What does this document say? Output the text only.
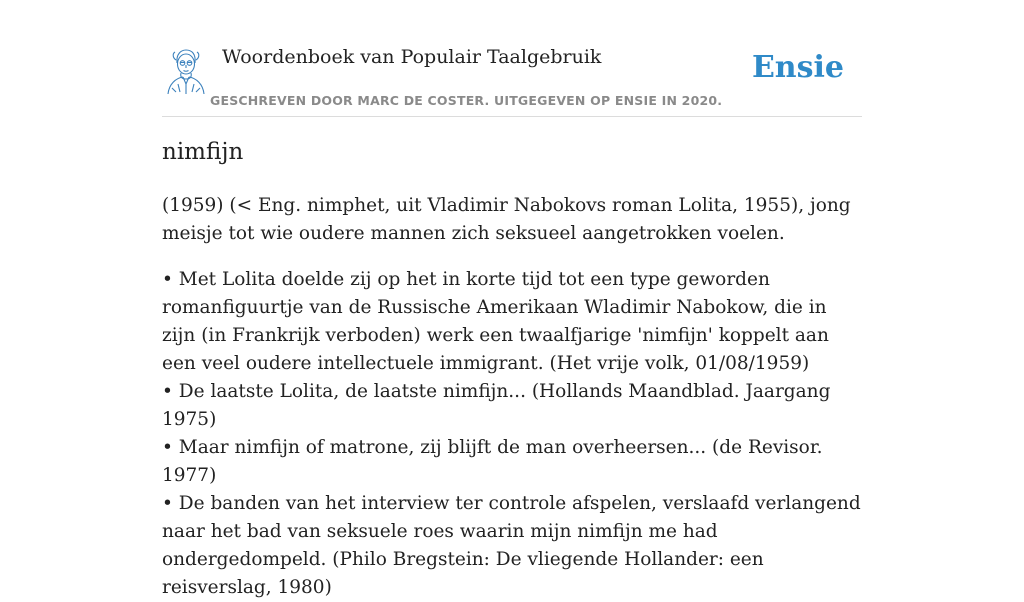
Woordenboek van Populair Taalgebruik
GESCHREVEN DOOR MARC DE COSTER. UITGEGEVEN OP ENSIE IN 2020.
Ensie
nimfijn

(1959) (< Eng. nimphet, uit Vladimir Nabokovs roman Lolita, 1955), jong meisje tot wie oudere mannen zich seksueel aangetrokken voelen.

• Met Lolita doelde zij op het in korte tijd tot een type geworden romanfiguurtje van de Russische Amerikaan Wladimir Nabokow, die in zijn (in Frankrijk verboden) werk een twaalfjarige 'nimfijn' koppelt aan een veel oudere intellectuele immigrant. (Het vrije volk, 01/08/1959)

• De laatste Lolita, de laatste nimfijn... (Hollands Maandblad. Jaargang 1975)

• Maar nimfijn of matrone, zij blijft de man overheersen... (de Revisor. 1977)

• De banden van het interview ter controle afspelen, verslaafd verlangend naar het bad van seksuele roes waarin mijn nimfijn me had ondergedompeld. (Philo Bregstein: De vliegende Hollander: een reisverslag, 1980)
